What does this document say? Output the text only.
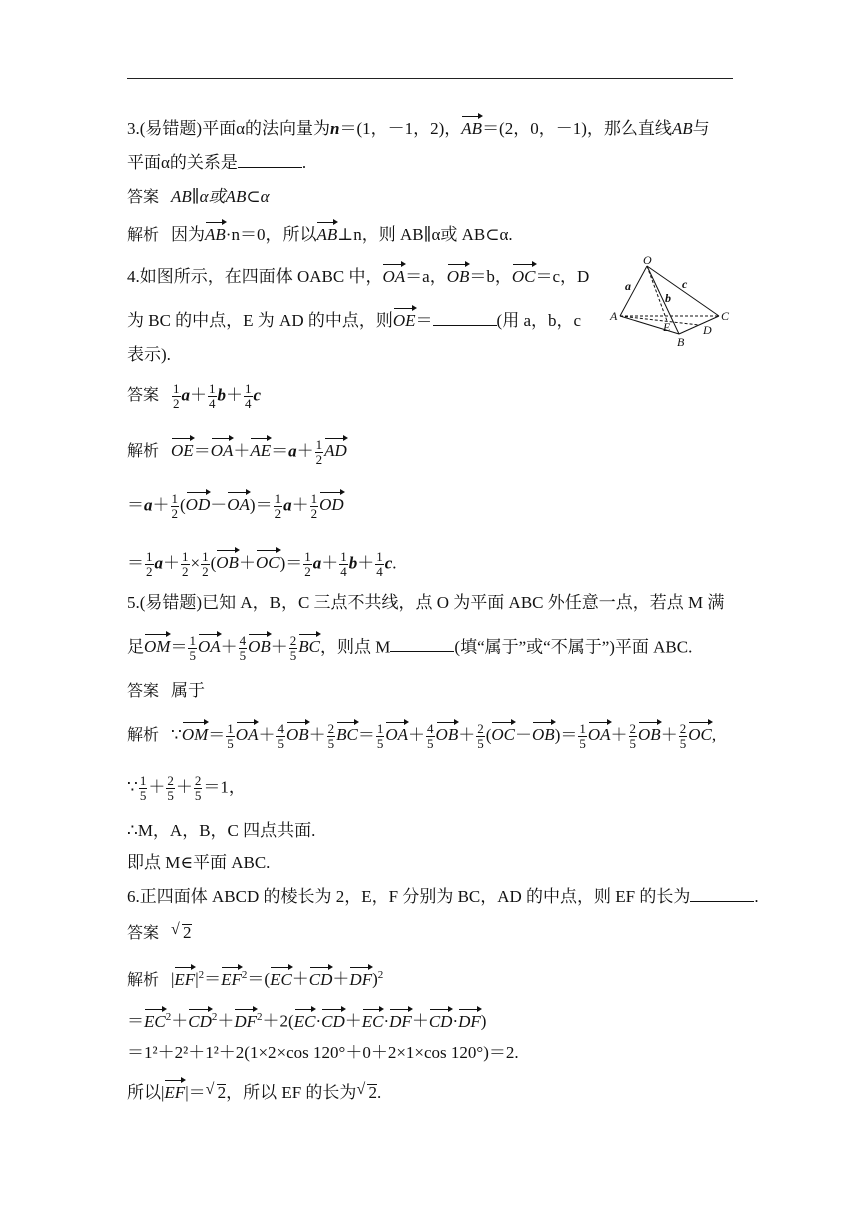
3.(易错题)平面α的法向量为n＝(1，－1，2)，AB＝(2，0，－1)，那么直线AB与
平面α的关系是	.
答案 AB∥α或AB⊂α
解析 因为AB·n＝0，所以AB⊥n，则 AB∥α或 AB⊂α.
4.如图所示，在四面体 OABC 中，OA＝a，OB＝b，OC＝c，D
为 BC 的中点，E 为 AD 的中点，则OE＝	(用 a，b，c
表示).
O
a
b
c
A
E
B
D
C
答案 $\frac{1}{2} a+ \frac{1}{4} b+ \frac{1}{4}$ c
解析 $OE=OA+AE=a+ \frac{1}{2}$ AD
$=a+ \frac{1}{2} (OD-OA)= \frac{1}{2} a+ \frac{1}{2}$ OD
＝ $\frac{1}{2} a+ \frac{1}{2} \times \frac{1}{2} (OB+OC)= \frac{1}{2} a+ \frac{1}{4} b+ \frac{1}{4} c$.
5.(易错题)已知 A，B，C 三点不共线，点 O 为平面 ABC 外任意一点，若点 M 满
足$OM= \frac{1}{5} OA+ \frac{4}{5} OB+ \frac{2}{5}$ BC，则点 M	(填“属于”或“不属于”)平面 ABC.
答案 属于
解析 ∵OM＝ $\frac{1}{5} OA+ \frac{4}{5} OB+ \frac{2}{5} BC= \frac{1}{5} OA+ \frac{4}{5} OB+ \frac{2}{5} (OC-OB)= \frac{1}{5} OA+ \frac{2}{5} OB+ \frac{2}{5}$ OC,
∵ $\frac{1}{5} + \frac{2}{5} + \frac{2}{5} =1$，
∴M，A，B，C 四点共面.
即点 M∈平面 ABC.
6.正四面体 ABCD 的棱长为 2，E，F 分别为 BC，AD 的中点，则 EF 的长为	.
答案 √ 2
解析 $|EF|^2=EF^2=(EC+CD+DF)^2$
$=EC^2+CD^2+DF^2+2(EC\cdot CD+EC\cdot DF+CD\cdot DF)$
＝1²＋2²＋1²＋2(1×2×cos 120°＋0＋2×1×cos 120°)＝2.
所以|EF|＝ √ 2，所以 EF 的长为 √ 2.
